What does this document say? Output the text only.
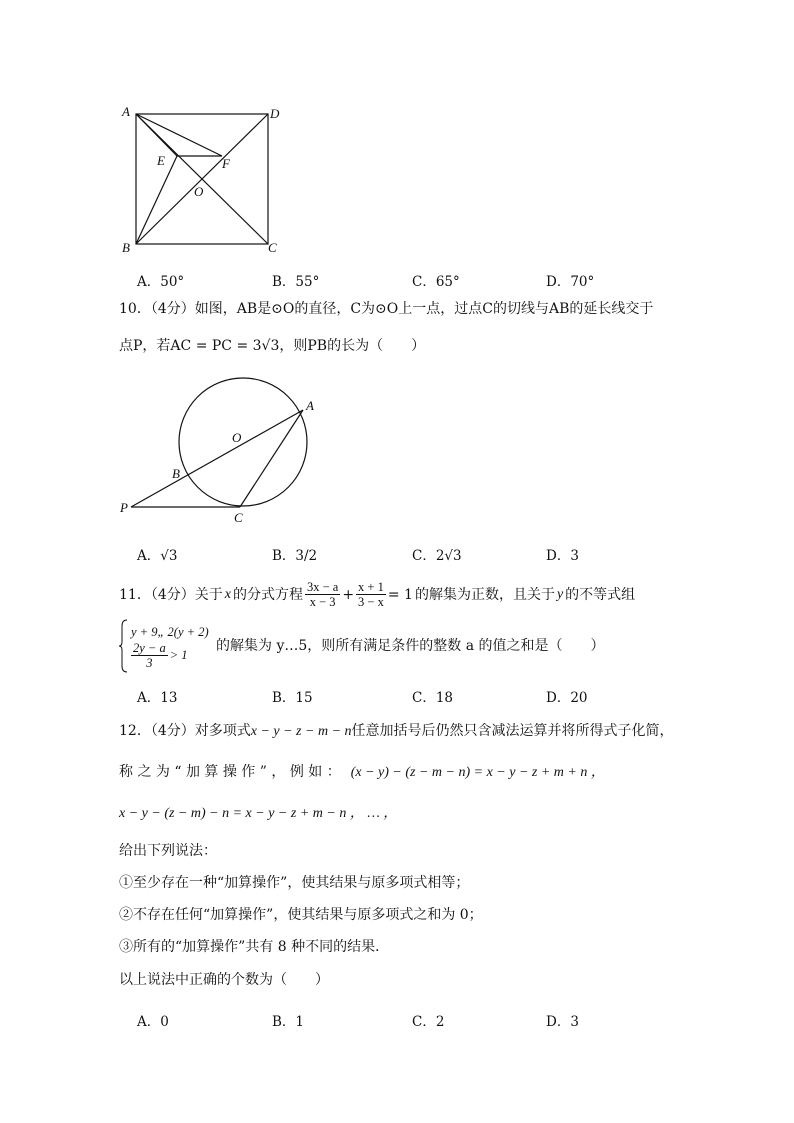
A	D
B	C
E	F
O
A．50°	B．55°	C．65°	D．70°
10．（4分）如图，AB是⊙O的直径，C为⊙O上一点，过点C的切线与AB的延长线交于
点P，若AC = PC = 3√3，则PB的长为（　　）
A
O
B
P
C
A．√3	B．3/2	C．2√3	D．3
11．（4分）关于 x 的分式方程 $\frac{3x - a}{x - 3} + \frac{x + 1}{3 - x} = 1$ 的解集为正数，且关于 y 的不等式组
y + 9„ 2(y + 2)
$\frac{2y - a}{3} > 1$
的解集为 y…5，则所有满足条件的整数 a 的值之和是（　　）
A．13	B．15	C．18	D．20
12．（4分）对多项式x − y − z − m − n任意加括号后仍然只含减法运算并将所得式子化简，
称 之 为 “ 加 算 操 作 ” ， 例 如 ： (x − y) − (z − m − n) = x − y − z + m + n ，
x − y − (z − m) − n = x − y − z + m − n ， … ，
给出下列说法：
①至少存在一种“加算操作”，使其结果与原多项式相等；
②不存在任何“加算操作”，使其结果与原多项式之和为 0；
③所有的“加算操作”共有 8 种不同的结果．
以上说法中正确的个数为（　　）
A．0	B．1	C．2	D．3
